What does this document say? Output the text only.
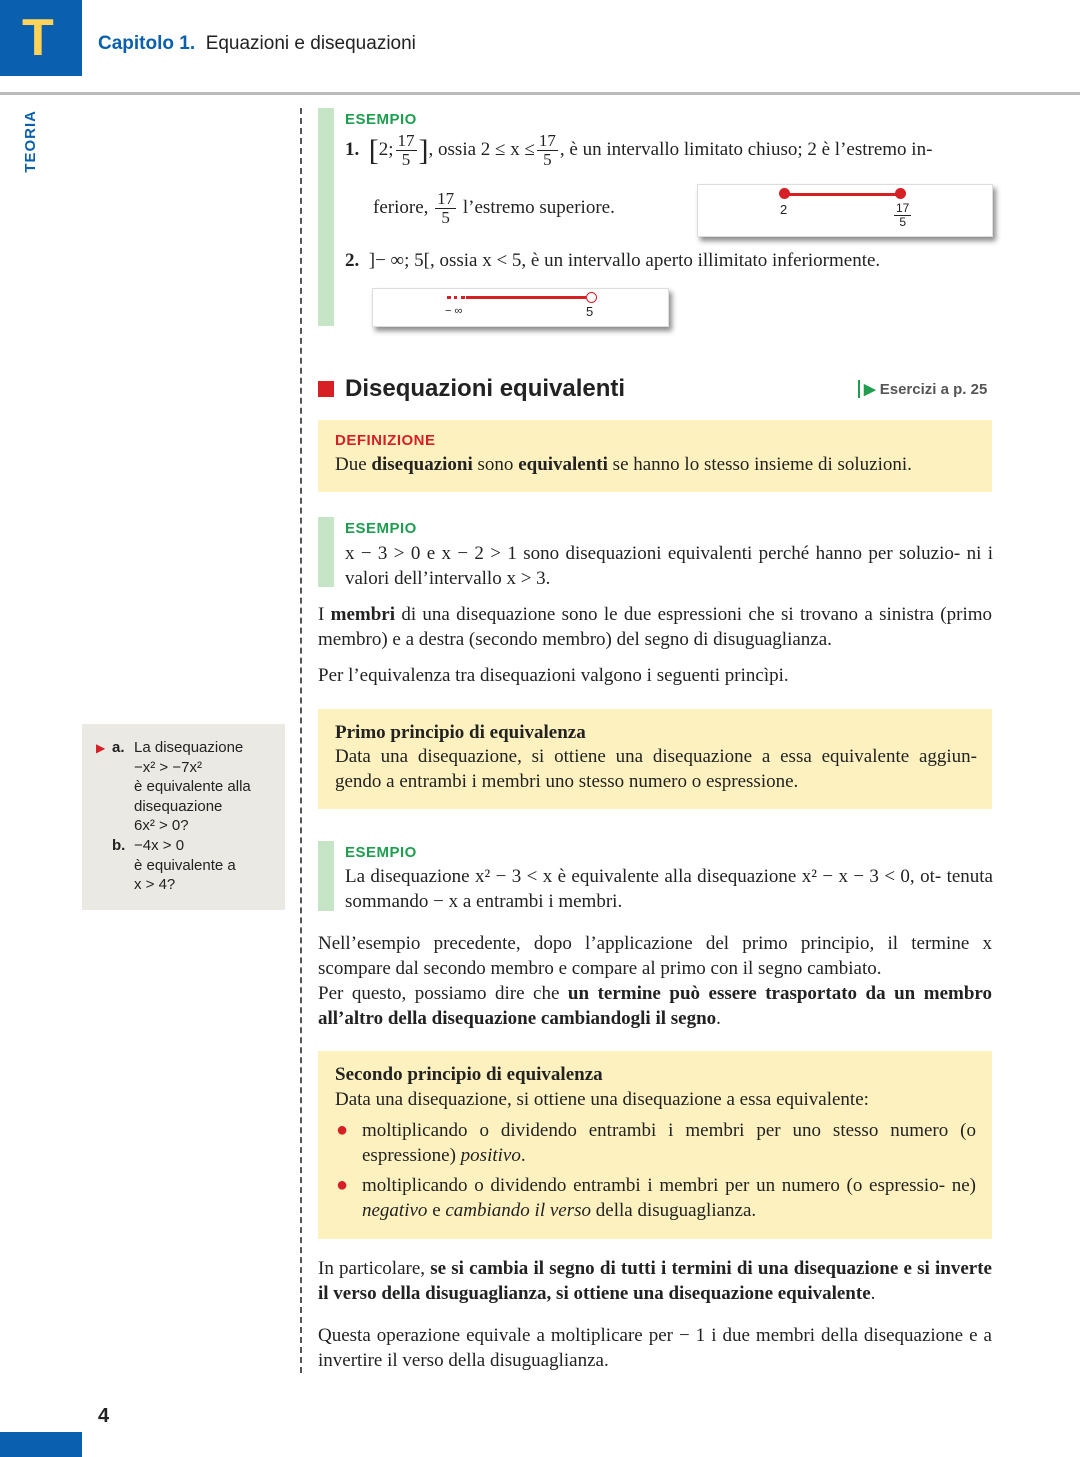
T Capitolo 1. Equazioni e disequazioni
TEORIA	ESEMPIO
1. [2; $\frac{17}{5}$ ], ossia $2 \le x \le \frac{17}{5}$ , è un intervallo limitato chiuso; 2 è l’estremo in-
feriore, $\frac{17}{5}$ l’estremo superiore.	2	$\frac{17}{5}$
2. ]− ∞; 5[, ossia x < 5, è un intervallo aperto illimitato inferiormente.
− ∞	5
Disequazioni equivalenti	▶ Esercizi a p. 25
DEFINIZIONE
Due disequazioni sono equivalenti se hanno lo stesso insieme di soluzioni.
ESEMPIO

x − 3 > 0 e x − 2 > 1 sono disequazioni equivalenti perché hanno per soluzio- ni i valori dell’intervallo x > 3.

I membri di una disequazione sono le due espressioni che si trovano a sinistra (primo membro) e a destra (secondo membro) del segno di disuguaglianza.

Per l’equivalenza tra disequazioni valgono i seguenti princìpi.

Primo principio di equivalenza

Data una disequazione, si ottiene una disequazione a essa equivalente aggiun- gendo a entrambi i membri uno stesso numero o espressione.

▶ a. La disequazione
−x² > −7x²
è equivalente alla
disequazione
6x² > 0?
b. −4x > 0
è equivalente a
x > 4?
ESEMPIO

La disequazione x² − 3 < x è equivalente alla disequazione x² − x − 3 < 0, ot- tenuta sommando − x a entrambi i membri.

Nell’esempio precedente, dopo l’applicazione del primo principio, il termine x scompare dal secondo membro e compare al primo con il segno cambiato.
Per questo, possiamo dire che un termine può essere trasportato da un membro all’altro della disequazione cambiandogli il segno.

Secondo principio di equivalenza
Data una disequazione, si ottiene una disequazione a essa equivalente:
● moltiplicando o dividendo entrambi i membri per uno stesso numero (o espressione) positivo.

● moltiplicando o dividendo entrambi i membri per un numero (o espressio- ne) negativo e cambiando il verso della disuguaglianza.

In particolare, se si cambia il segno di tutti i termini di una disequazione e si inverte il verso della disuguaglianza, si ottiene una disequazione equivalente.

Questa operazione equivale a moltiplicare per − 1 i due membri della disequazione e a invertire il verso della disuguaglianza.

4
